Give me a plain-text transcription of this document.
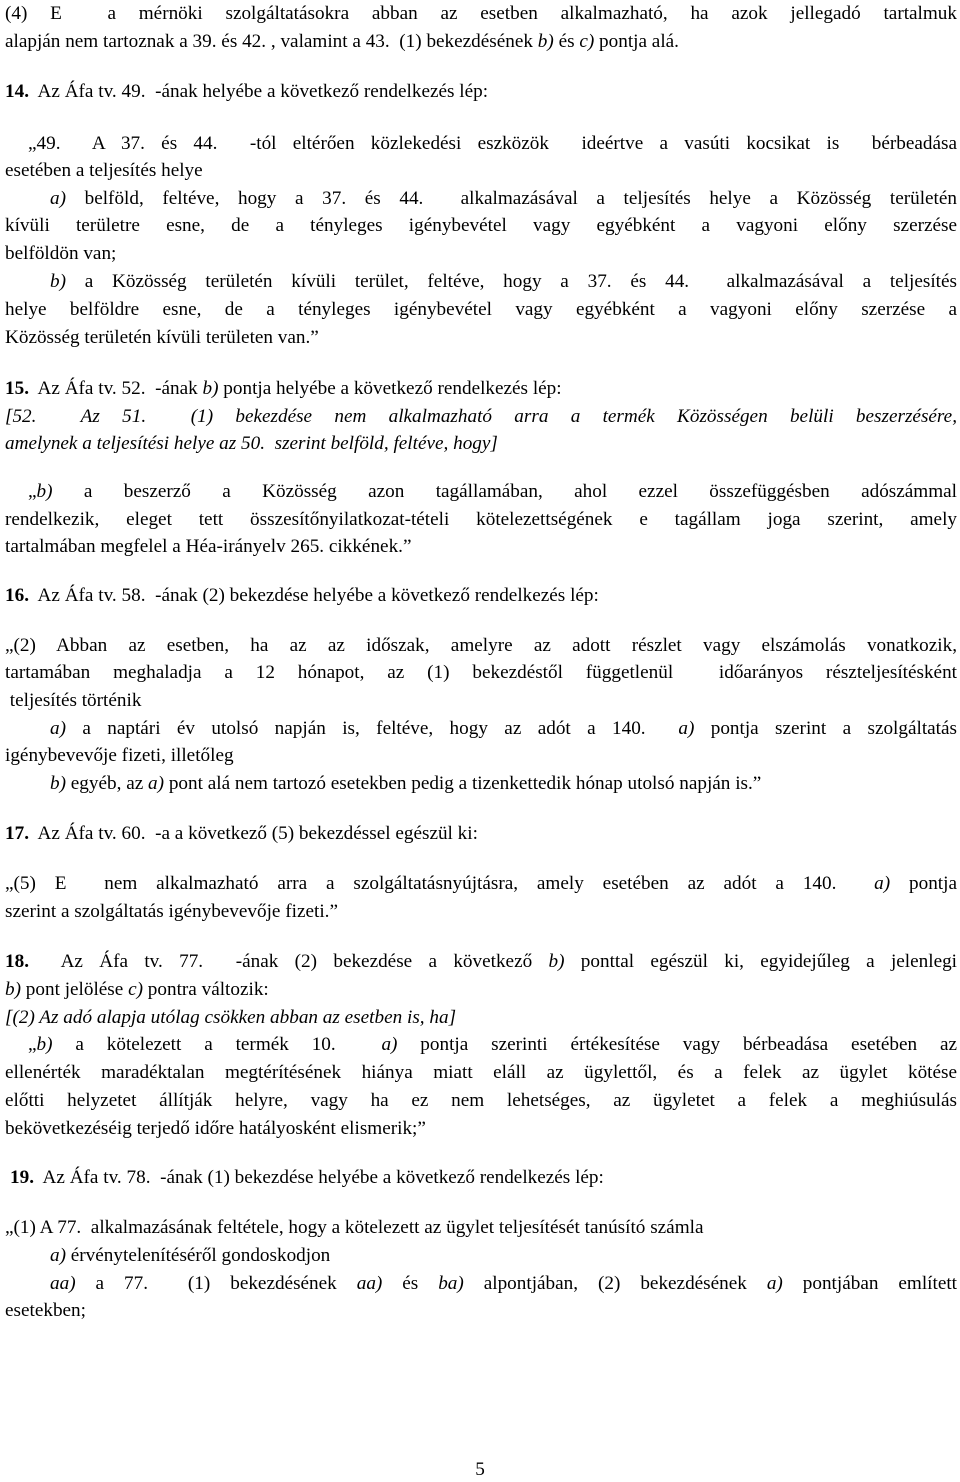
(4) E  a mérnöki szolgáltatásokra abban az esetben alkalmazható, ha azok jellegadó tartalmuk
alapján nem tartoznak a 39. és 42. , valamint a 43.  (1) bekezdésének b) és c) pontja alá.
14.  Az Áfa tv. 49.  -ának helyébe a következő rendelkezés lép:
„49.  A 37. és 44.  -tól eltérően közlekedési eszközök  ideértve a vasúti kocsikat is  bérbeadása
esetében a teljesítés helye
a) belföld, feltéve, hogy a 37. és 44.  alkalmazásával a teljesítés helye a Közösség területén
kívüli területre esne, de a tényleges igénybevétel vagy egyébként a vagyoni előny szerzése
belföldön van;
b) a Közösség területén kívüli terület, feltéve, hogy a 37. és 44.  alkalmazásával a teljesítés
helye belföldre esne, de a tényleges igénybevétel vagy egyébként a vagyoni előny szerzése a
Közösség területén kívüli területen van.”
15.  Az Áfa tv. 52.  -ának b) pontja helyébe a következő rendelkezés lép:
[52.  Az 51.  (1) bekezdése nem alkalmazható arra a termék Közösségen belüli beszerzésére,
amelynek a teljesítési helye az 50.  szerint belföld, feltéve, hogy]
„b) a beszerző a Közösség azon tagállamában, ahol ezzel összefüggésben adószámmal
rendelkezik, eleget tett összesítőnyilatkozat-tételi kötelezettségének e tagállam joga szerint, amely
tartalmában megfelel a Héa-irányelv 265. cikkének.”
16.  Az Áfa tv. 58.  -ának (2) bekezdése helyébe a következő rendelkezés lép:
„(2) Abban az esetben, ha az az időszak, amelyre az adott részlet vagy elszámolás vonatkozik,
tartamában meghaladja a 12 hónapot, az (1) bekezdéstől függetlenül  időarányos részteljesítésként
teljesítés történik
a) a naptári év utolsó napján is, feltéve, hogy az adót a 140.  a) pontja szerint a szolgáltatás
igénybevevője fizeti, illetőleg
b) egyéb, az a) pont alá nem tartozó esetekben pedig a tizenkettedik hónap utolsó napján is.”
17.  Az Áfa tv. 60.  -a a következő (5) bekezdéssel egészül ki:
„(5) E  nem alkalmazható arra a szolgáltatásnyújtásra, amely esetében az adót a 140.  a) pontja
szerint a szolgáltatás igénybevevője fizeti.”
18.  Az Áfa tv. 77.  -ának (2) bekezdése a következő b) ponttal egészül ki, egyidejűleg a jelenlegi
b) pont jelölése c) pontra változik:
[(2) Az adó alapja utólag csökken abban az esetben is, ha]
„b) a kötelezett a termék 10.  a) pontja szerinti értékesítése vagy bérbeadása esetében az
ellenérték maradéktalan megtérítésének hiánya miatt eláll az ügylettől, és a felek az ügylet kötése
előtti helyzetet állítják helyre, vagy ha ez nem lehetséges, az ügyletet a felek a meghiúsulás
bekövetkezéséig terjedő időre hatályosként elismerik;”
19.  Az Áfa tv. 78.  -ának (1) bekezdése helyébe a következő rendelkezés lép:
„(1) A 77.  alkalmazásának feltétele, hogy a kötelezett az ügylet teljesítését tanúsító számla
a) érvénytelenítéséről gondoskodjon
aa) a 77.  (1) bekezdésének aa) és ba) alpontjában, (2) bekezdésének a) pontjában említett
esetekben;
5
